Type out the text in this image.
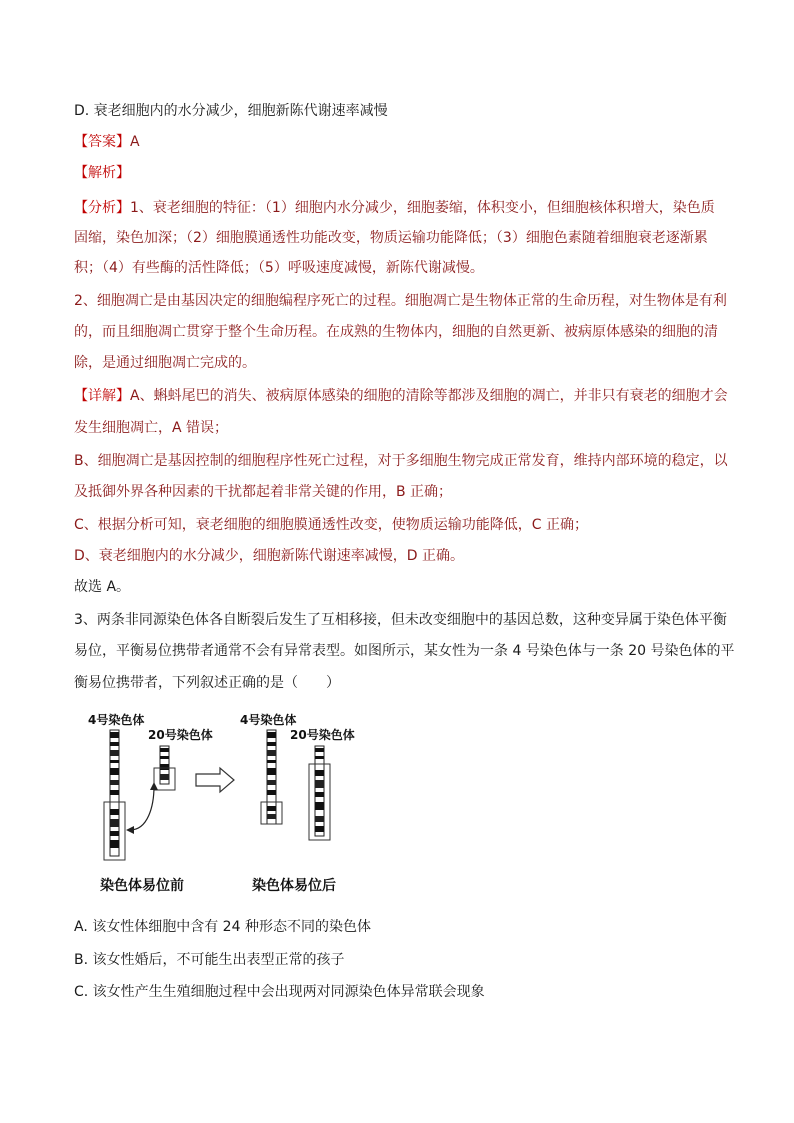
D. 衰老细胞内的水分减少，细胞新陈代谢速率减慢
【答案】A
【解析】
【分析】1、衰老细胞的特征：（1）细胞内水分减少，细胞萎缩，体积变小，但细胞核体积增大，染色质
固缩，染色加深；（2）细胞膜通透性功能改变，物质运输功能降低；（3）细胞色素随着细胞衰老逐渐累
积；（4）有些酶的活性降低；（5）呼吸速度减慢，新陈代谢减慢。
2、细胞凋亡是由基因决定的细胞编程序死亡的过程。细胞凋亡是生物体正常的生命历程，对生物体是有利
的，而且细胞凋亡贯穿于整个生命历程。在成熟的生物体内，细胞的自然更新、被病原体感染的细胞的清
除，是通过细胞凋亡完成的。
【详解】A、蝌蚪尾巴的消失、被病原体感染的细胞的清除等都涉及细胞的凋亡，并非只有衰老的细胞才会
发生细胞凋亡，A 错误；
B、细胞凋亡是基因控制的细胞程序性死亡过程，对于多细胞生物完成正常发育，维持内部环境的稳定，以
及抵御外界各种因素的干扰都起着非常关键的作用，B 正确；
C、根据分析可知，衰老细胞的细胞膜通透性改变，使物质运输功能降低，C 正确；
D、衰老细胞内的水分减少，细胞新陈代谢速率减慢，D 正确。
故选 A。
3、两条非同源染色体各自断裂后发生了互相移接，但未改变细胞中的基因总数，这种变异属于染色体平衡
易位，平衡易位携带者通常不会有异常表型。如图所示，某女性为一条 4 号染色体与一条 20 号染色体的平
衡易位携带者，下列叙述正确的是（　　）
4号染色体
20号染色体
4号染色体
20号染色体
染色体易位前	染色体易位后
A. 该女性体细胞中含有 24 种形态不同的染色体
B. 该女性婚后，不可能生出表型正常的孩子
C. 该女性产生生殖细胞过程中会出现两对同源染色体异常联会现象
